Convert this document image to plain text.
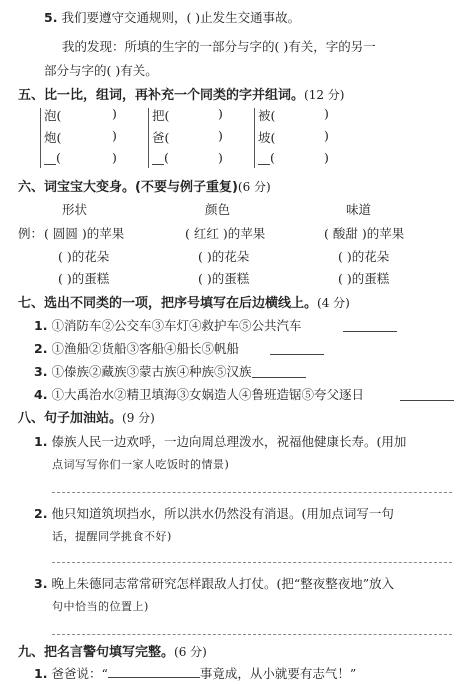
5. 我们要遵守交通规则，( )止发生交通事故。
我的发现：所填的生字的一部分与字的( )有关，字的另一
部分与字的( )有关。
五、比一比，组词，再补充一个同类的字并组词。(12 分)
泡(	)
炮(	)
(	)
把(	)
爸(	)
(	)
被(	)
坡(	)
(	)
六、词宝宝大变身。(不要与例子重复)(6 分)
形状	颜色	味道
例： ( 圆圆 )的苹果	( 红红 )的苹果	( 酸甜 )的苹果
( )的花朵	( )的花朵	( )的花朵
( )的蛋糕	( )的蛋糕	( )的蛋糕
七、选出不同类的一项，把序号填写在后边横线上。(4 分)
1. ①消防车②公交车③车灯④救护车⑤公共汽车
2. ①渔船②货船③客船④船长⑤帆船
3. ①傣族②藏族③蒙古族④种族⑤汉族
4. ①大禹治水②精卫填海③女娲造人④鲁班造锯⑤夸父逐日
八、句子加油站。(9 分)
1. 傣族人民一边欢呼，一边向周总理泼水，祝福他健康长寿。(用加
点词写写你们一家人吃饭时的情景)
2. 他只知道筑坝挡水，所以洪水仍然没有消退。(用加点词写一句
话，提醒同学挑食不好)
3. 晚上朱德同志常常研究怎样跟敌人打仗。(把“整夜整夜地”放入
句中恰当的位置上)
九、把名言警句填写完整。(6 分)
1. 爸爸说：“	事竟成，从小就要有志气！”
